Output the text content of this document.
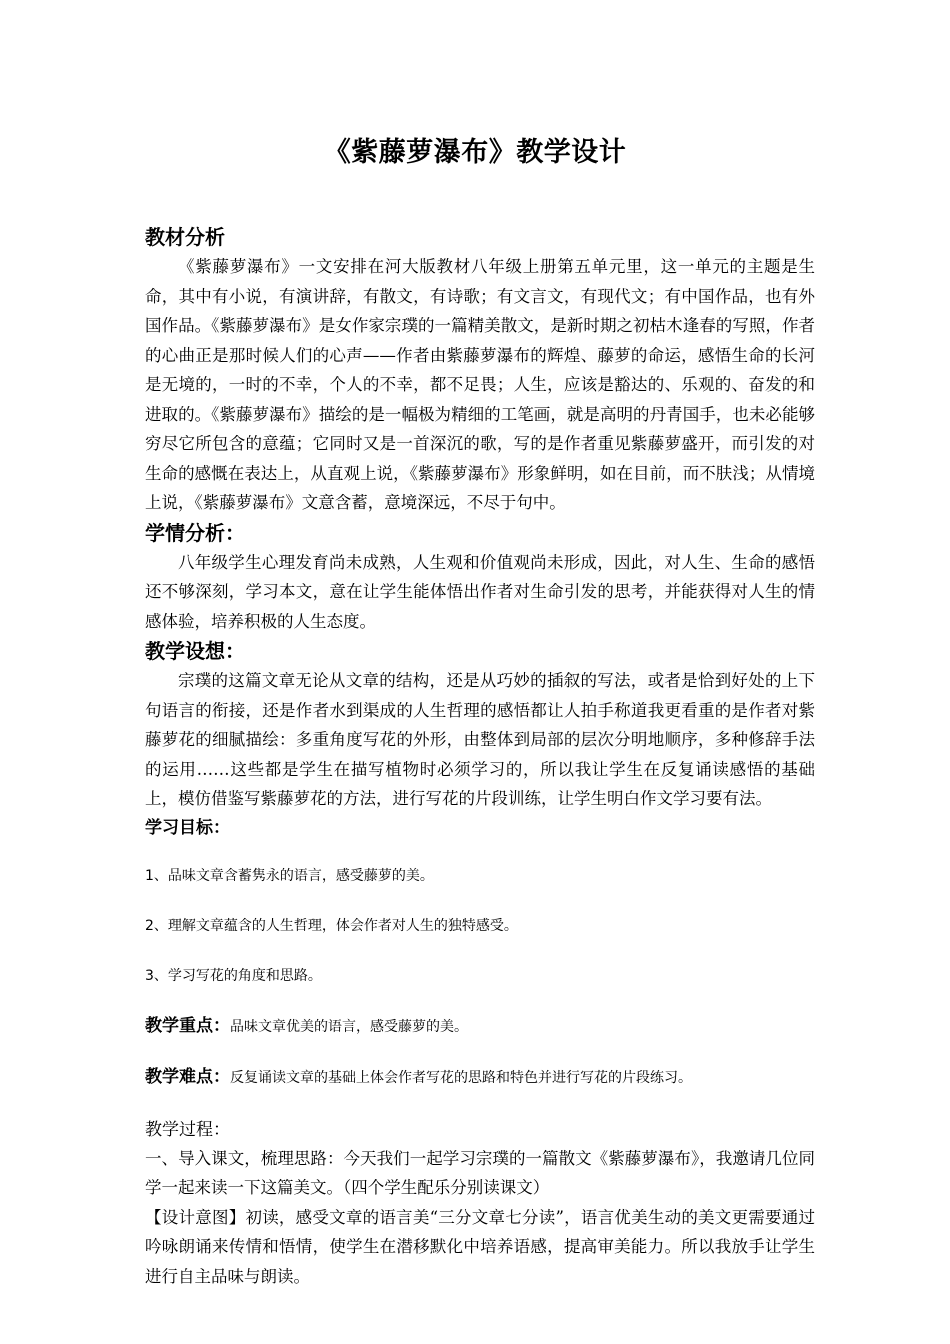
《紫藤萝瀑布》教学设计

教材分析

《紫藤萝瀑布》一文安排在河大版教材八年级上册第五单元里，这一单元的主题是生命，其中有小说，有演讲辞，有散文，有诗歌；有文言文，有现代文；有中国作品，也有外国作品。《紫藤萝瀑布》是女作家宗璞的一篇精美散文，是新时期之初枯木逢春的写照，作者的心曲正是那时候人们的心声——作者由紫藤萝瀑布的辉煌、藤萝的命运，感悟生命的长河是无境的，一时的不幸，个人的不幸，都不足畏；人生，应该是豁达的、乐观的、奋发的和进取的。《紫藤萝瀑布》描绘的是一幅极为精细的工笔画，就是高明的丹青国手，也未必能够穷尽它所包含的意蕴；它同时又是一首深沉的歌，写的是作者重见紫藤萝盛开，而引发的对生命的感慨在表达上，从直观上说，《紫藤萝瀑布》形象鲜明，如在目前，而不肤浅；从情境上说，《紫藤萝瀑布》文意含蓄，意境深远，不尽于句中。

学情分析：

八年级学生心理发育尚未成熟，人生观和价值观尚未形成，因此，对人生、生命的感悟还不够深刻，学习本文，意在让学生能体悟出作者对生命引发的思考，并能获得对人生的情感体验，培养积极的人生态度。

教学设想：

宗璞的这篇文章无论从文章的结构，还是从巧妙的插叙的写法，或者是恰到好处的上下句语言的衔接，还是作者水到渠成的人生哲理的感悟都让人拍手称道我更看重的是作者对紫藤萝花的细腻描绘：多重角度写花的外形，由整体到局部的层次分明地顺序，多种修辞手法的运用……这些都是学生在描写植物时必须学习的，所以我让学生在反复诵读感悟的基础上，模仿借鉴写紫藤萝花的方法，进行写花的片段训练，让学生明白作文学习要有法。

学习目标：

1、品味文章含蓄隽永的语言，感受藤萝的美。

2、理解文章蕴含的人生哲理，体会作者对人生的独特感受。

3、学习写花的角度和思路。

教学重点：品味文章优美的语言，感受藤萝的美。

教学难点：反复诵读文章的基础上体会作者写花的思路和特色并进行写花的片段练习。

教学过程：

一、导入课文，梳理思路：今天我们一起学习宗璞的一篇散文《紫藤萝瀑布》，我邀请几位同学一起来读一下这篇美文。（四个学生配乐分别读课文）

【设计意图】初读，感受文章的语言美“三分文章七分读”，语言优美生动的美文更需要通过吟咏朗诵来传情和悟情，使学生在潜移默化中培养语感，提高审美能力。所以我放手让学生进行自主品味与朗读。
